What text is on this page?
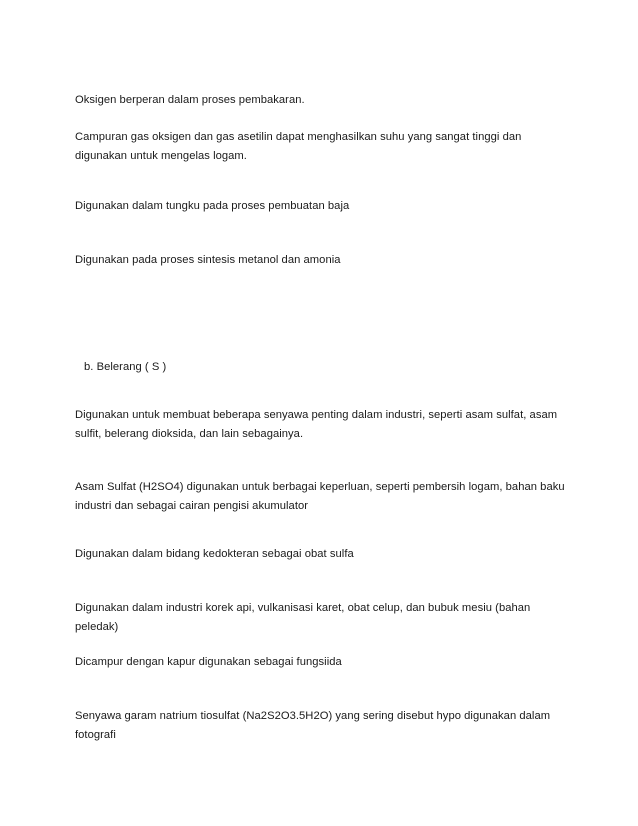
Oksigen berperan dalam proses pembakaran.

Campuran gas oksigen dan gas asetilin dapat menghasilkan suhu yang sangat tinggi dan digunakan untuk mengelas logam.

Digunakan dalam tungku pada proses pembuatan baja

Digunakan pada proses sintesis metanol dan amonia

b. Belerang ( S )

Digunakan untuk membuat beberapa senyawa penting dalam industri, seperti asam sulfat, asam sulfit, belerang dioksida, dan lain sebagainya.

Asam Sulfat (H2SO4) digunakan untuk berbagai keperluan, seperti pembersih logam, bahan baku industri dan sebagai cairan pengisi akumulator

Digunakan dalam bidang kedokteran sebagai obat sulfa

Digunakan dalam industri korek api, vulkanisasi karet, obat celup, dan bubuk mesiu (bahan peledak)

Dicampur dengan kapur digunakan sebagai fungsiida

Senyawa garam natrium tiosulfat (Na2S2O3.5H2O) yang sering disebut hypo digunakan dalam fotografi
